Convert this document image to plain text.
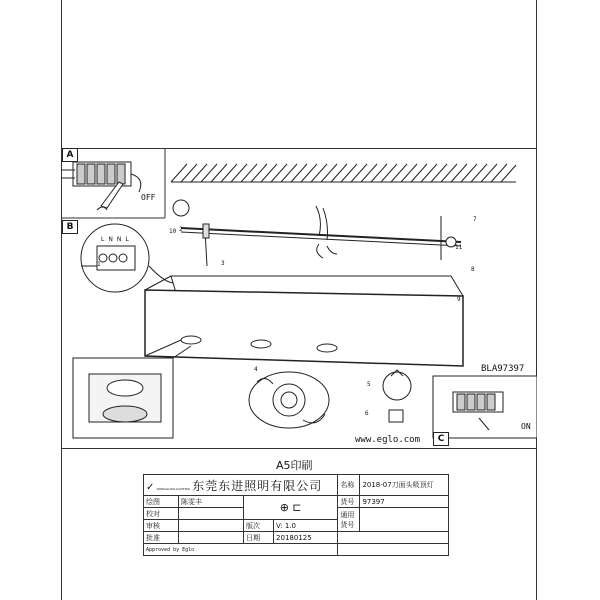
A
OFF
B
L N N L
BLA97397
www.eglo.com	C
ON
1
2
3
4
5
6
7
8
9
10
11
A5印刷
✓ DONGGUAN LIGHTING 东莞东进照明有限公司				名称	2018-07刀面头吸顶灯
绘图	陈雯丰	⊕ ⊏		货号	97397
校对				通用
货号	
审核		版次	V: 1.0		
批准		日期	20180125		
Approved by Eglo					
